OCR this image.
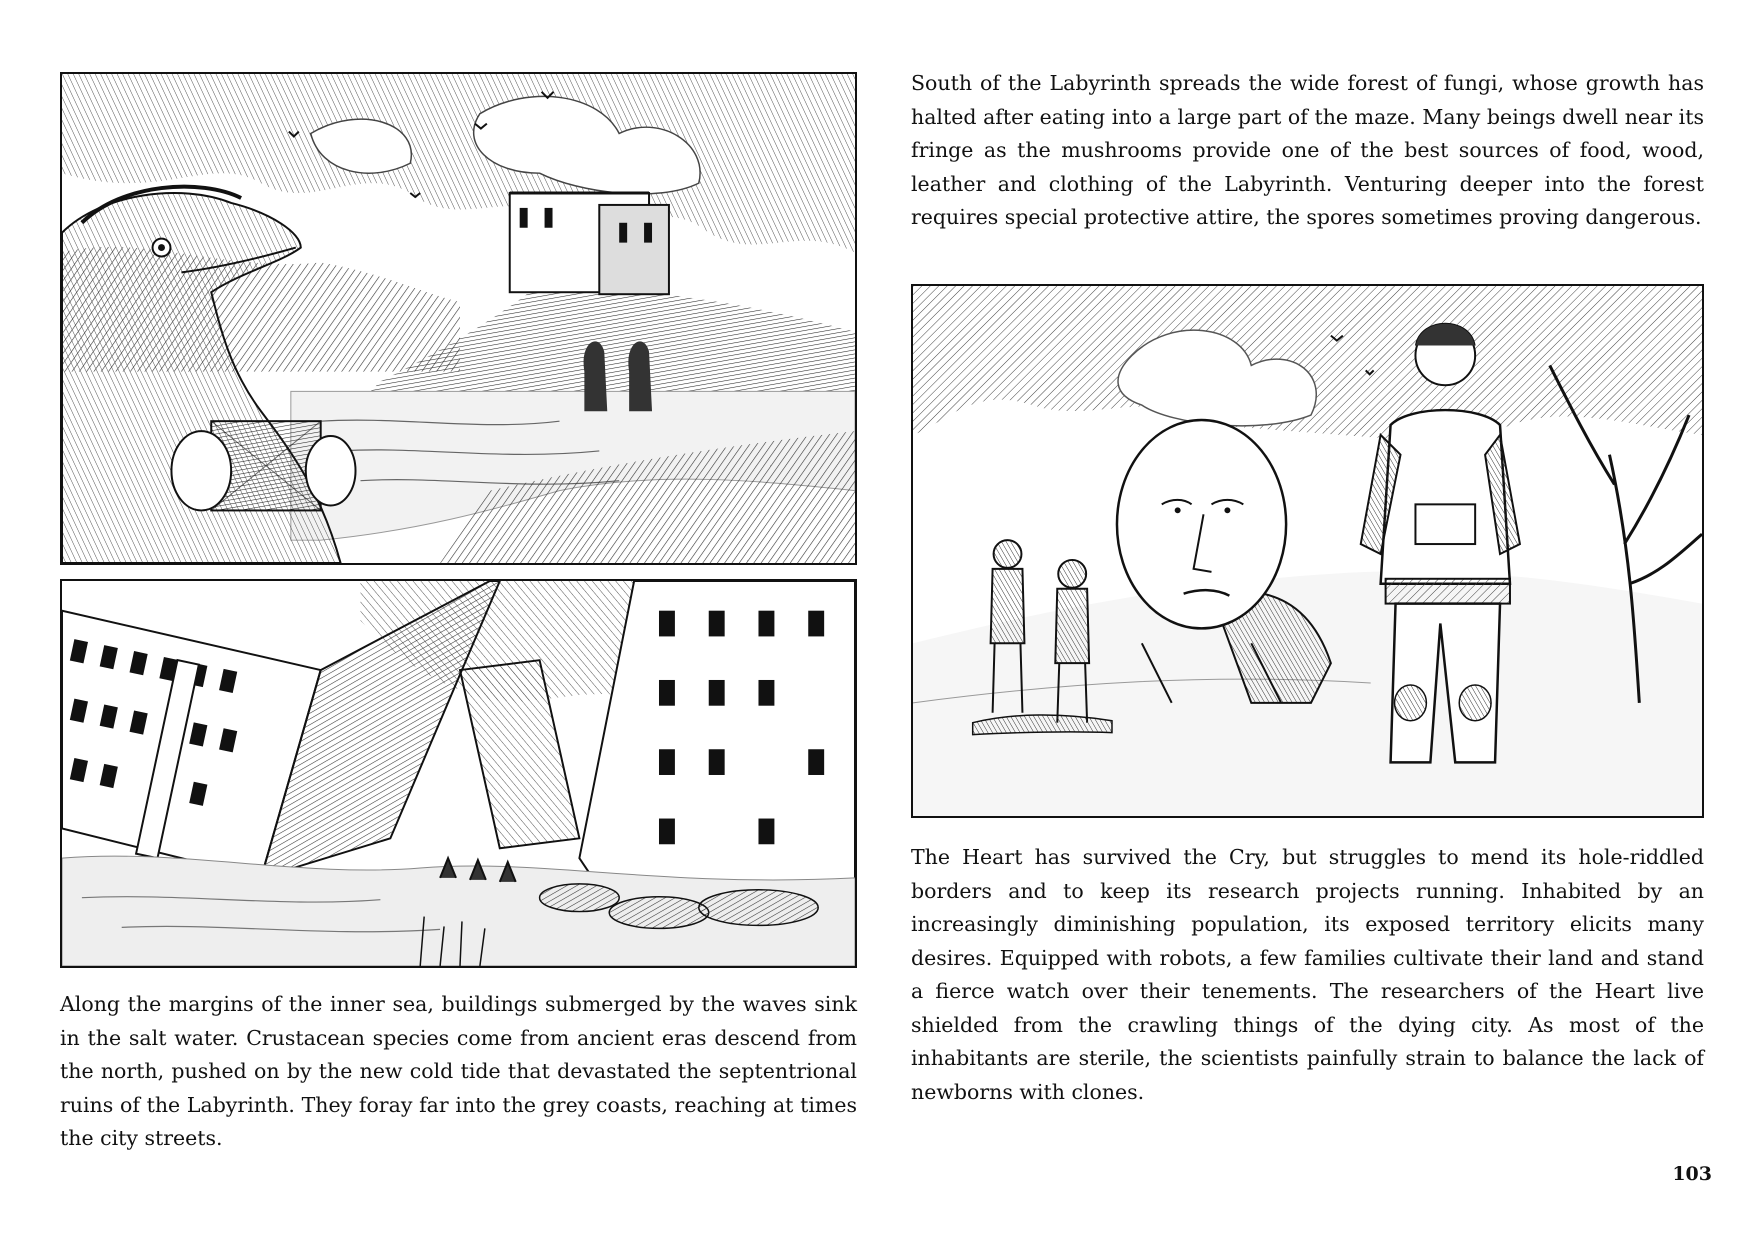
Along the margins of the inner sea, buildings submerged by the waves sink in the salt water. Crustacean species come from ancient eras descend from the north, pushed on by the new cold tide that devastated the septentrional ruins of the Labyrinth. They foray far into the grey coasts, reaching at times the city streets.
South of the Labyrinth spreads the wide forest of fungi, whose growth has halted after eating into a large part of the maze. Many beings dwell near its fringe as the mushrooms provide one of the best sources of food, wood, leather and clothing of the Labyrinth. Venturing deeper into the forest requires special protective attire, the spores sometimes proving dangerous.
The Heart has survived the Cry, but struggles to mend its hole-riddled borders and to keep its research projects running. Inhabited by an increasingly diminishing population, its exposed territory elicits many desires. Equipped with robots, a few families cultivate their land and stand a fierce watch over their tenements. The researchers of the Heart live shielded from the crawling things of the dying city. As most of the inhabitants are sterile, the scientists painfully strain to balance the lack of newborns with clones.
103
